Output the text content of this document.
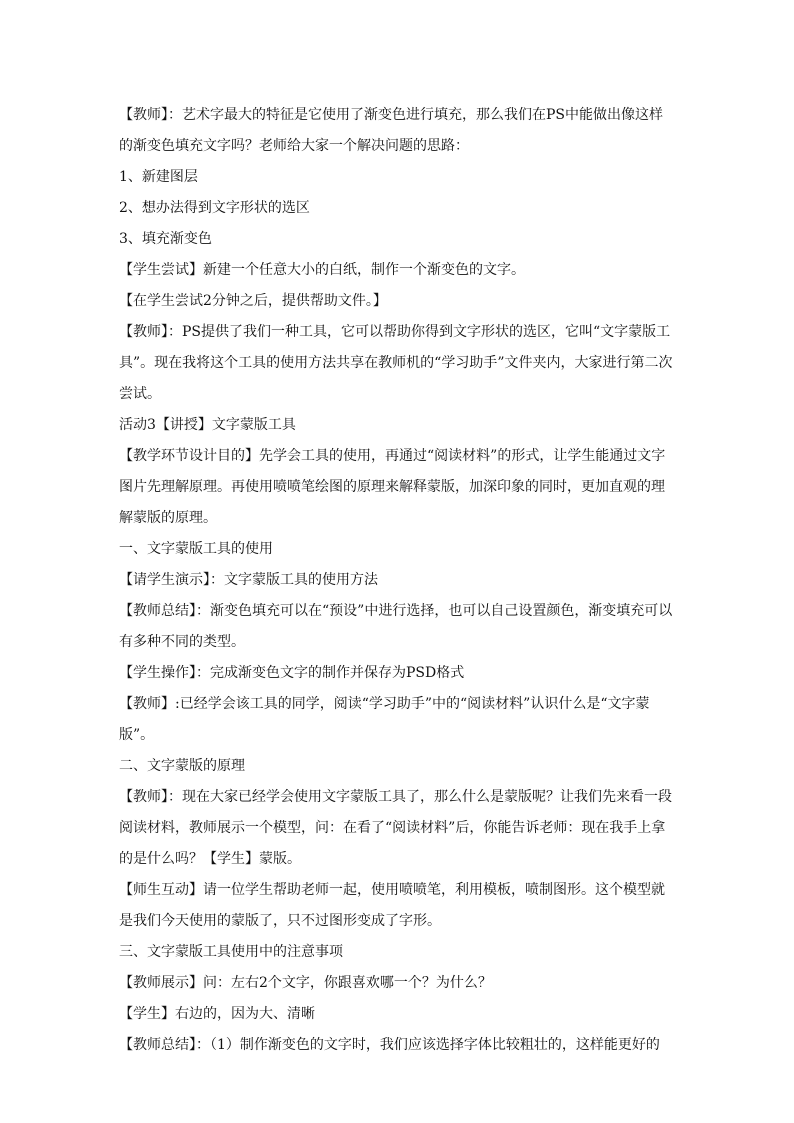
【教师】：艺术字最大的特征是它使用了渐变色进行填充，那么我们在PS中能做出像这样的渐变色填充文字吗？老师给大家一个解决问题的思路：

1、新建图层

2、想办法得到文字形状的选区

3、填充渐变色

【学生尝试】新建一个任意大小的白纸，制作一个渐变色的文字。

【在学生尝试2分钟之后，提供帮助文件。】

【教师】：PS提供了我们一种工具，它可以帮助你得到文字形状的选区，它叫“文字蒙版工具”。现在我将这个工具的使用方法共享在教师机的“学习助手”文件夹内，大家进行第二次尝试。

活动3【讲授】文字蒙版工具

【教学环节设计目的】先学会工具的使用，再通过“阅读材料”的形式，让学生能通过文字图片先理解原理。再使用喷喷笔绘图的原理来解释蒙版，加深印象的同时，更加直观的理解蒙版的原理。

一、文字蒙版工具的使用

【请学生演示】：文字蒙版工具的使用方法

【教师总结】：渐变色填充可以在“预设”中进行选择，也可以自己设置颜色，渐变填充可以有多种不同的类型。

【学生操作】：完成渐变色文字的制作并保存为PSD格式

【教师】:已经学会该工具的同学，阅读“学习助手”中的“阅读材料”认识什么是“文字蒙版”。

二、文字蒙版的原理

【教师】：现在大家已经学会使用文字蒙版工具了，那么什么是蒙版呢？让我们先来看一段阅读材料，教师展示一个模型，问：在看了“阅读材料”后，你能告诉老师：现在我手上拿的是什么吗？【学生】蒙版。

【师生互动】请一位学生帮助老师一起，使用喷喷笔，利用模板，喷制图形。这个模型就是我们今天使用的蒙版了，只不过图形变成了字形。

三、文字蒙版工具使用中的注意事项

【教师展示】问：左右2个文字，你跟喜欢哪一个？为什么？

【学生】右边的，因为大、清晰

【教师总结】：（1）制作渐变色的文字时，我们应该选择字体比较粗壮的，这样能更好的
